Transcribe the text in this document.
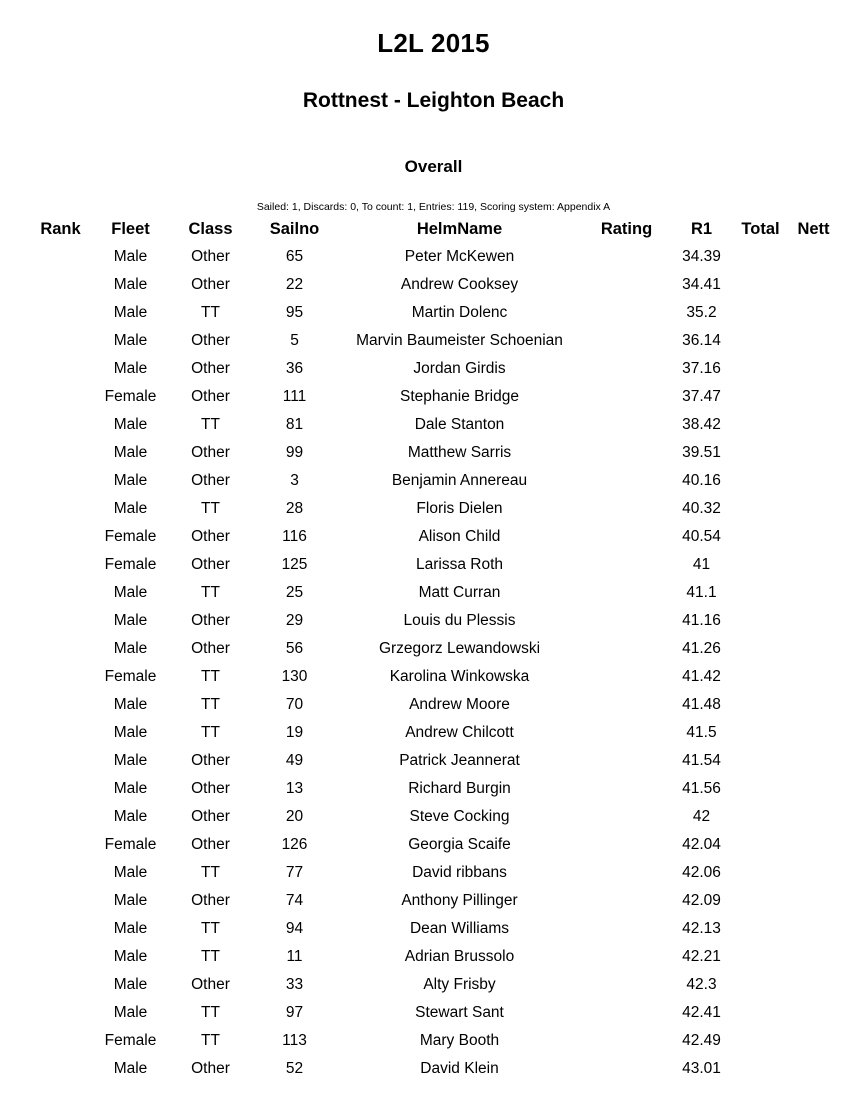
L2L 2015
Rottnest - Leighton Beach
Overall
Sailed: 1, Discards: 0, To count: 1, Entries: 119, Scoring system: Appendix A
Rank	Fleet	Class	Sailno	HelmName	Rating	R1	Total	Nett
	Male	Other	65	Peter McKewen		34.39		
	Male	Other	22	Andrew Cooksey		34.41		
	Male	TT	95	Martin Dolenc		35.2		
	Male	Other	5	Marvin Baumeister Schoenian		36.14		
	Male	Other	36	Jordan Girdis		37.16		
	Female	Other	111	Stephanie Bridge		37.47		
	Male	TT	81	Dale Stanton		38.42		
	Male	Other	99	Matthew Sarris		39.51		
	Male	Other	3	Benjamin Annereau		40.16		
	Male	TT	28	Floris Dielen		40.32		
	Female	Other	116	Alison Child		40.54		
	Female	Other	125	Larissa Roth		41		
	Male	TT	25	Matt Curran		41.1		
	Male	Other	29	Louis du Plessis		41.16		
	Male	Other	56	Grzegorz Lewandowski		41.26		
	Female	TT	130	Karolina Winkowska		41.42		
	Male	TT	70	Andrew Moore		41.48		
	Male	TT	19	Andrew Chilcott		41.5		
	Male	Other	49	Patrick Jeannerat		41.54		
	Male	Other	13	Richard Burgin		41.56		
	Male	Other	20	Steve Cocking		42		
	Female	Other	126	Georgia Scaife		42.04		
	Male	TT	77	David ribbans		42.06		
	Male	Other	74	Anthony Pillinger		42.09		
	Male	TT	94	Dean Williams		42.13		
	Male	TT	11	Adrian Brussolo		42.21		
	Male	Other	33	Alty Frisby		42.3		
	Male	TT	97	Stewart Sant		42.41		
	Female	TT	113	Mary Booth		42.49		
	Male	Other	52	David Klein		43.01		
